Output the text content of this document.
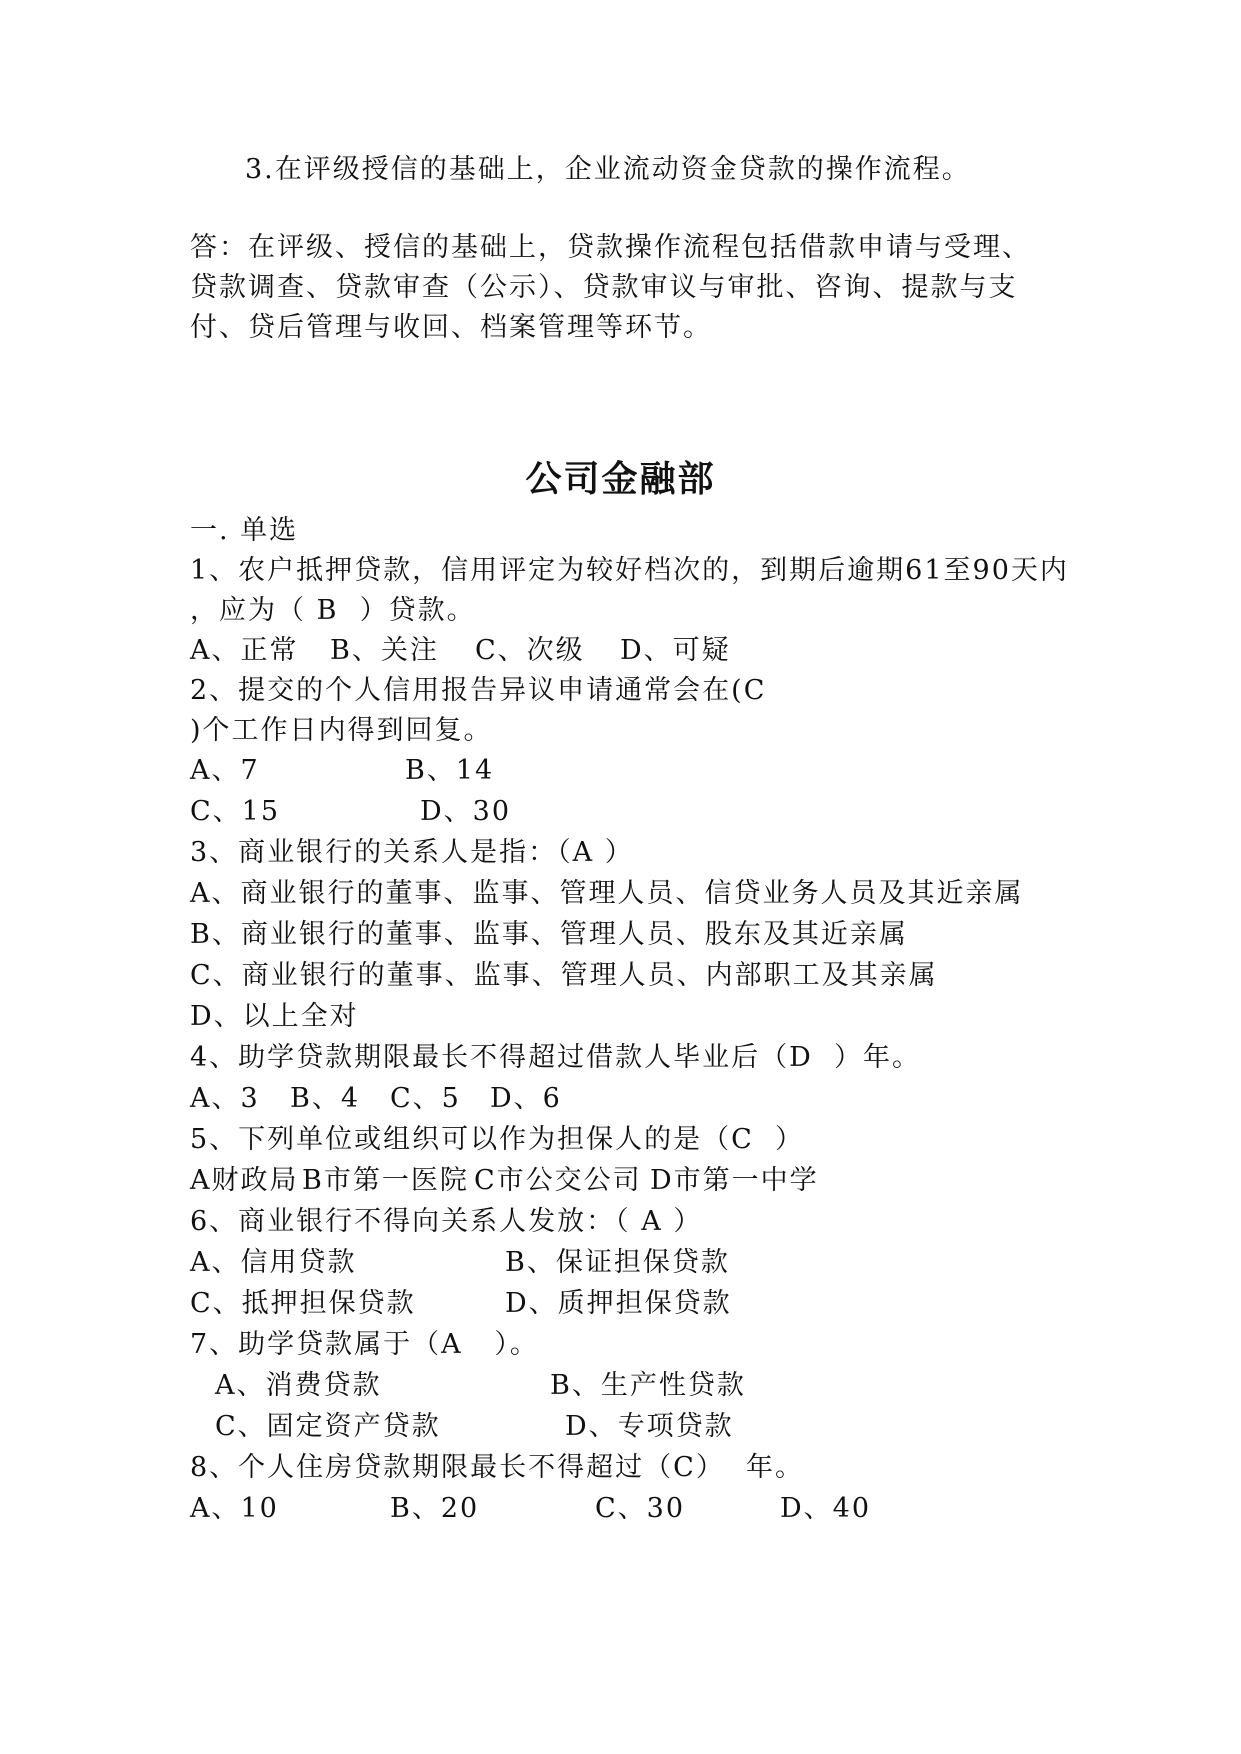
3.在评级授信的基础上，企业流动资金贷款的操作流程。
答：在评级、授信的基础上，贷款操作流程包括借款申请与受理、
贷款调查、贷款审查（公示）、贷款审议与审批、咨询、提款与支
付、贷后管理与收回、档案管理等环节。
公司金融部
一. 单选
1、农户抵押贷款，信用评定为较好档次的，到期后逾期61至90天内
，应为（ B  ）贷款。
A、正常 B、关注 C、次级 D、可疑
2、提交的个人信用报告异议申请通常会在(C
)个工作日内得到回复。
A、7	B、14
C、15	D、30
3、商业银行的关系人是指：（A ）
A、商业银行的董事、监事、管理人员、信贷业务人员及其近亲属
B、商业银行的董事、监事、管理人员、股东及其近亲属
C、商业银行的董事、监事、管理人员、内部职工及其亲属
D、以上全对
4、助学贷款期限最长不得超过借款人毕业后（D  ）年。
A、3 B、4 C、5 D、6
5、下列单位或组织可以作为担保人的是（C  ）
A财政局 B市第一医院 C市公交公司 D市第一中学
6、商业银行不得向关系人发放：（ A ）
A、信用贷款	B、保证担保贷款
C、抵押担保贷款	D、质押担保贷款
7、助学贷款属于（A   ）。
A、消费贷款	B、生产性贷款
C、固定资产贷款	D、专项贷款
8、个人住房贷款期限最长不得超过（C）  年。
A、10	B、20	C、30	D、40
